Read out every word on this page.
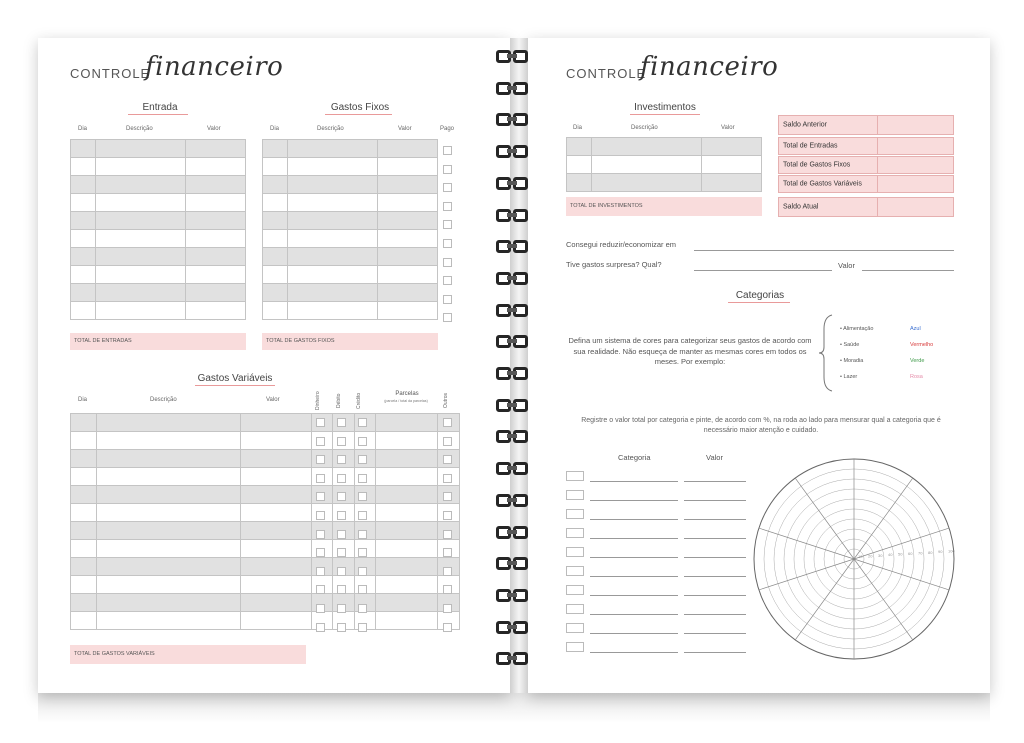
CONTROLE
financeiro
Entrada
Dia	Descrição	Valor

TOTAL DE ENTRADAS
Gastos Fixos
Dia	Descrição	Valor	Pago

TOTAL DE GASTOS FIXOS
Gastos Variáveis
Dia	Descrição	Valor	Dinheiro	Débito	Crédito	Outros
Parcelas
(parcela / total da parcelas)

TOTAL DE GASTOS VARIÁVEIS
CONTROLE
financeiro
Investimentos
Dia	Descrição	Valor

TOTAL DE INVESTIMENTOS
Consegui reduzir/economizar em
Tive gastos surpresa? Qual?	Valor
Categorias
Defina um sistema de cores para categorizar seus gastos de acordo com sua realidade. Não esqueça de manter as mesmas cores em todos os meses. Por exemplo:
Registre o valor total por categoria e pinte, de acordo com %, na roda ao lado para mensurar qual a categoria que é necessário maior atenção e cuidado.
Categoria	Valor
10 20 30 40 50 60 70 80 90 100
Saldo Anterior
Total de Entradas
Total de Gastos Fixos
Total de Gastos Variáveis
Saldo Atual
• Alimentação	Azul
• Saúde	Vermelho
• Moradia	Verde
• Lazer	Rosa
